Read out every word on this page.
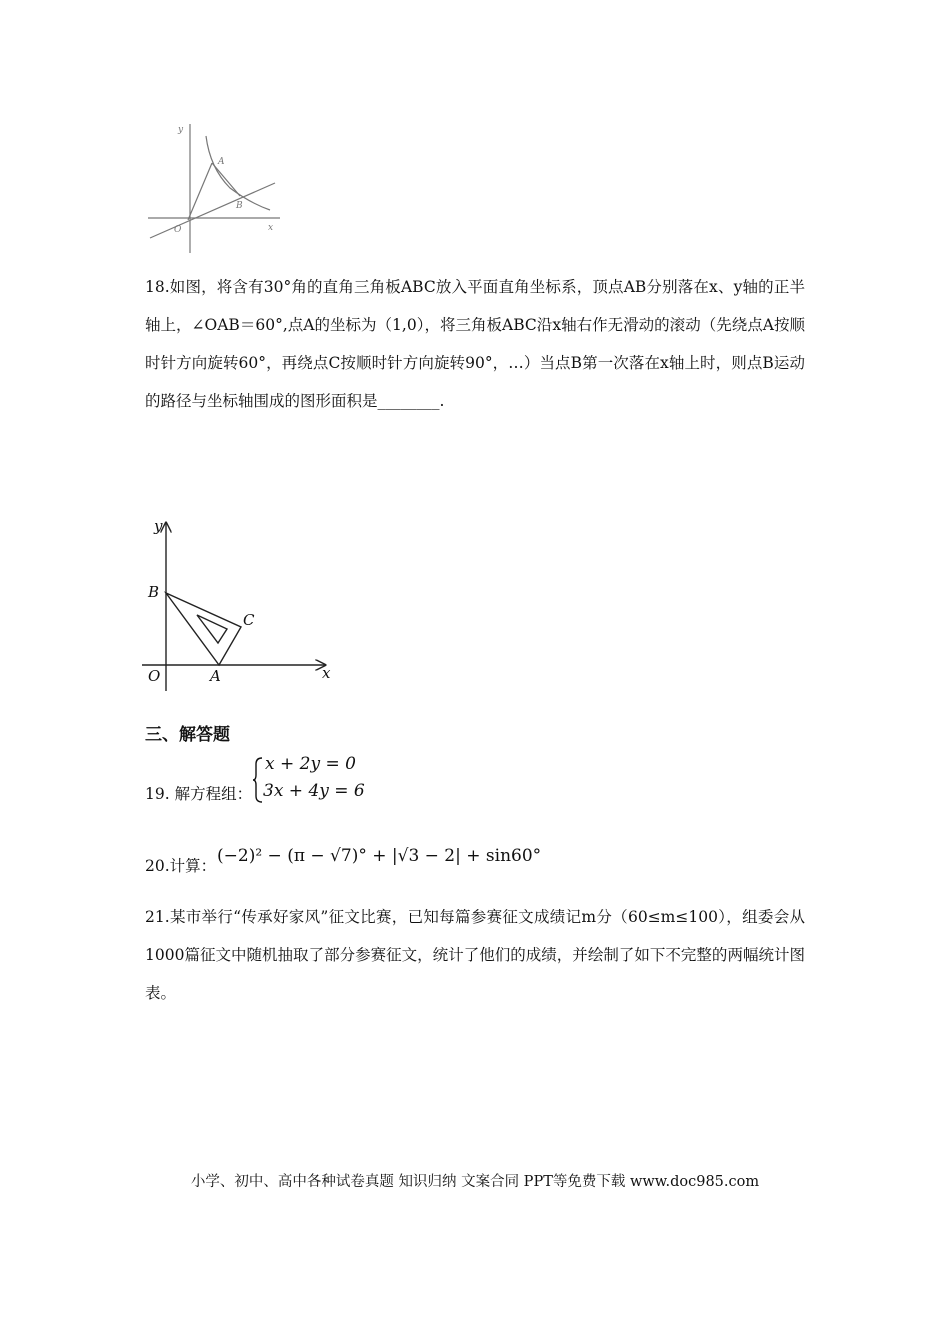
y
x
O
A
B
18.如图，将含有30°角的直角三角板ABC放入平面直角坐标系，顶点AB分别落在x、y轴的正半轴上，∠OAB＝60°,点A的坐标为（1,0），将三角板ABC沿x轴右作无滑动的滚动（先绕点A按顺时针方向旋转60°，再绕点C按顺时针方向旋转90°，…）当点B第一次落在x轴上时，则点B运动的路径与坐标轴围成的图形面积是________.
y
x
O	A
B
C
三、解答题
19. 解方程组：
x + 2y = 0
3x + 4y = 6
20.计算： (−2)² − (π − √7)° + |√3 − 2| + sin60°
21.某市举行“传承好家风”征文比赛，已知每篇参赛征文成绩记m分（60≤m≤100），组委会从1000篇征文中随机抽取了部分参赛征文，统计了他们的成绩，并绘制了如下不完整的两幅统计图表。
小学、初中、高中各种试卷真题 知识归纳 文案合同 PPT等免费下载 www.doc985.com
